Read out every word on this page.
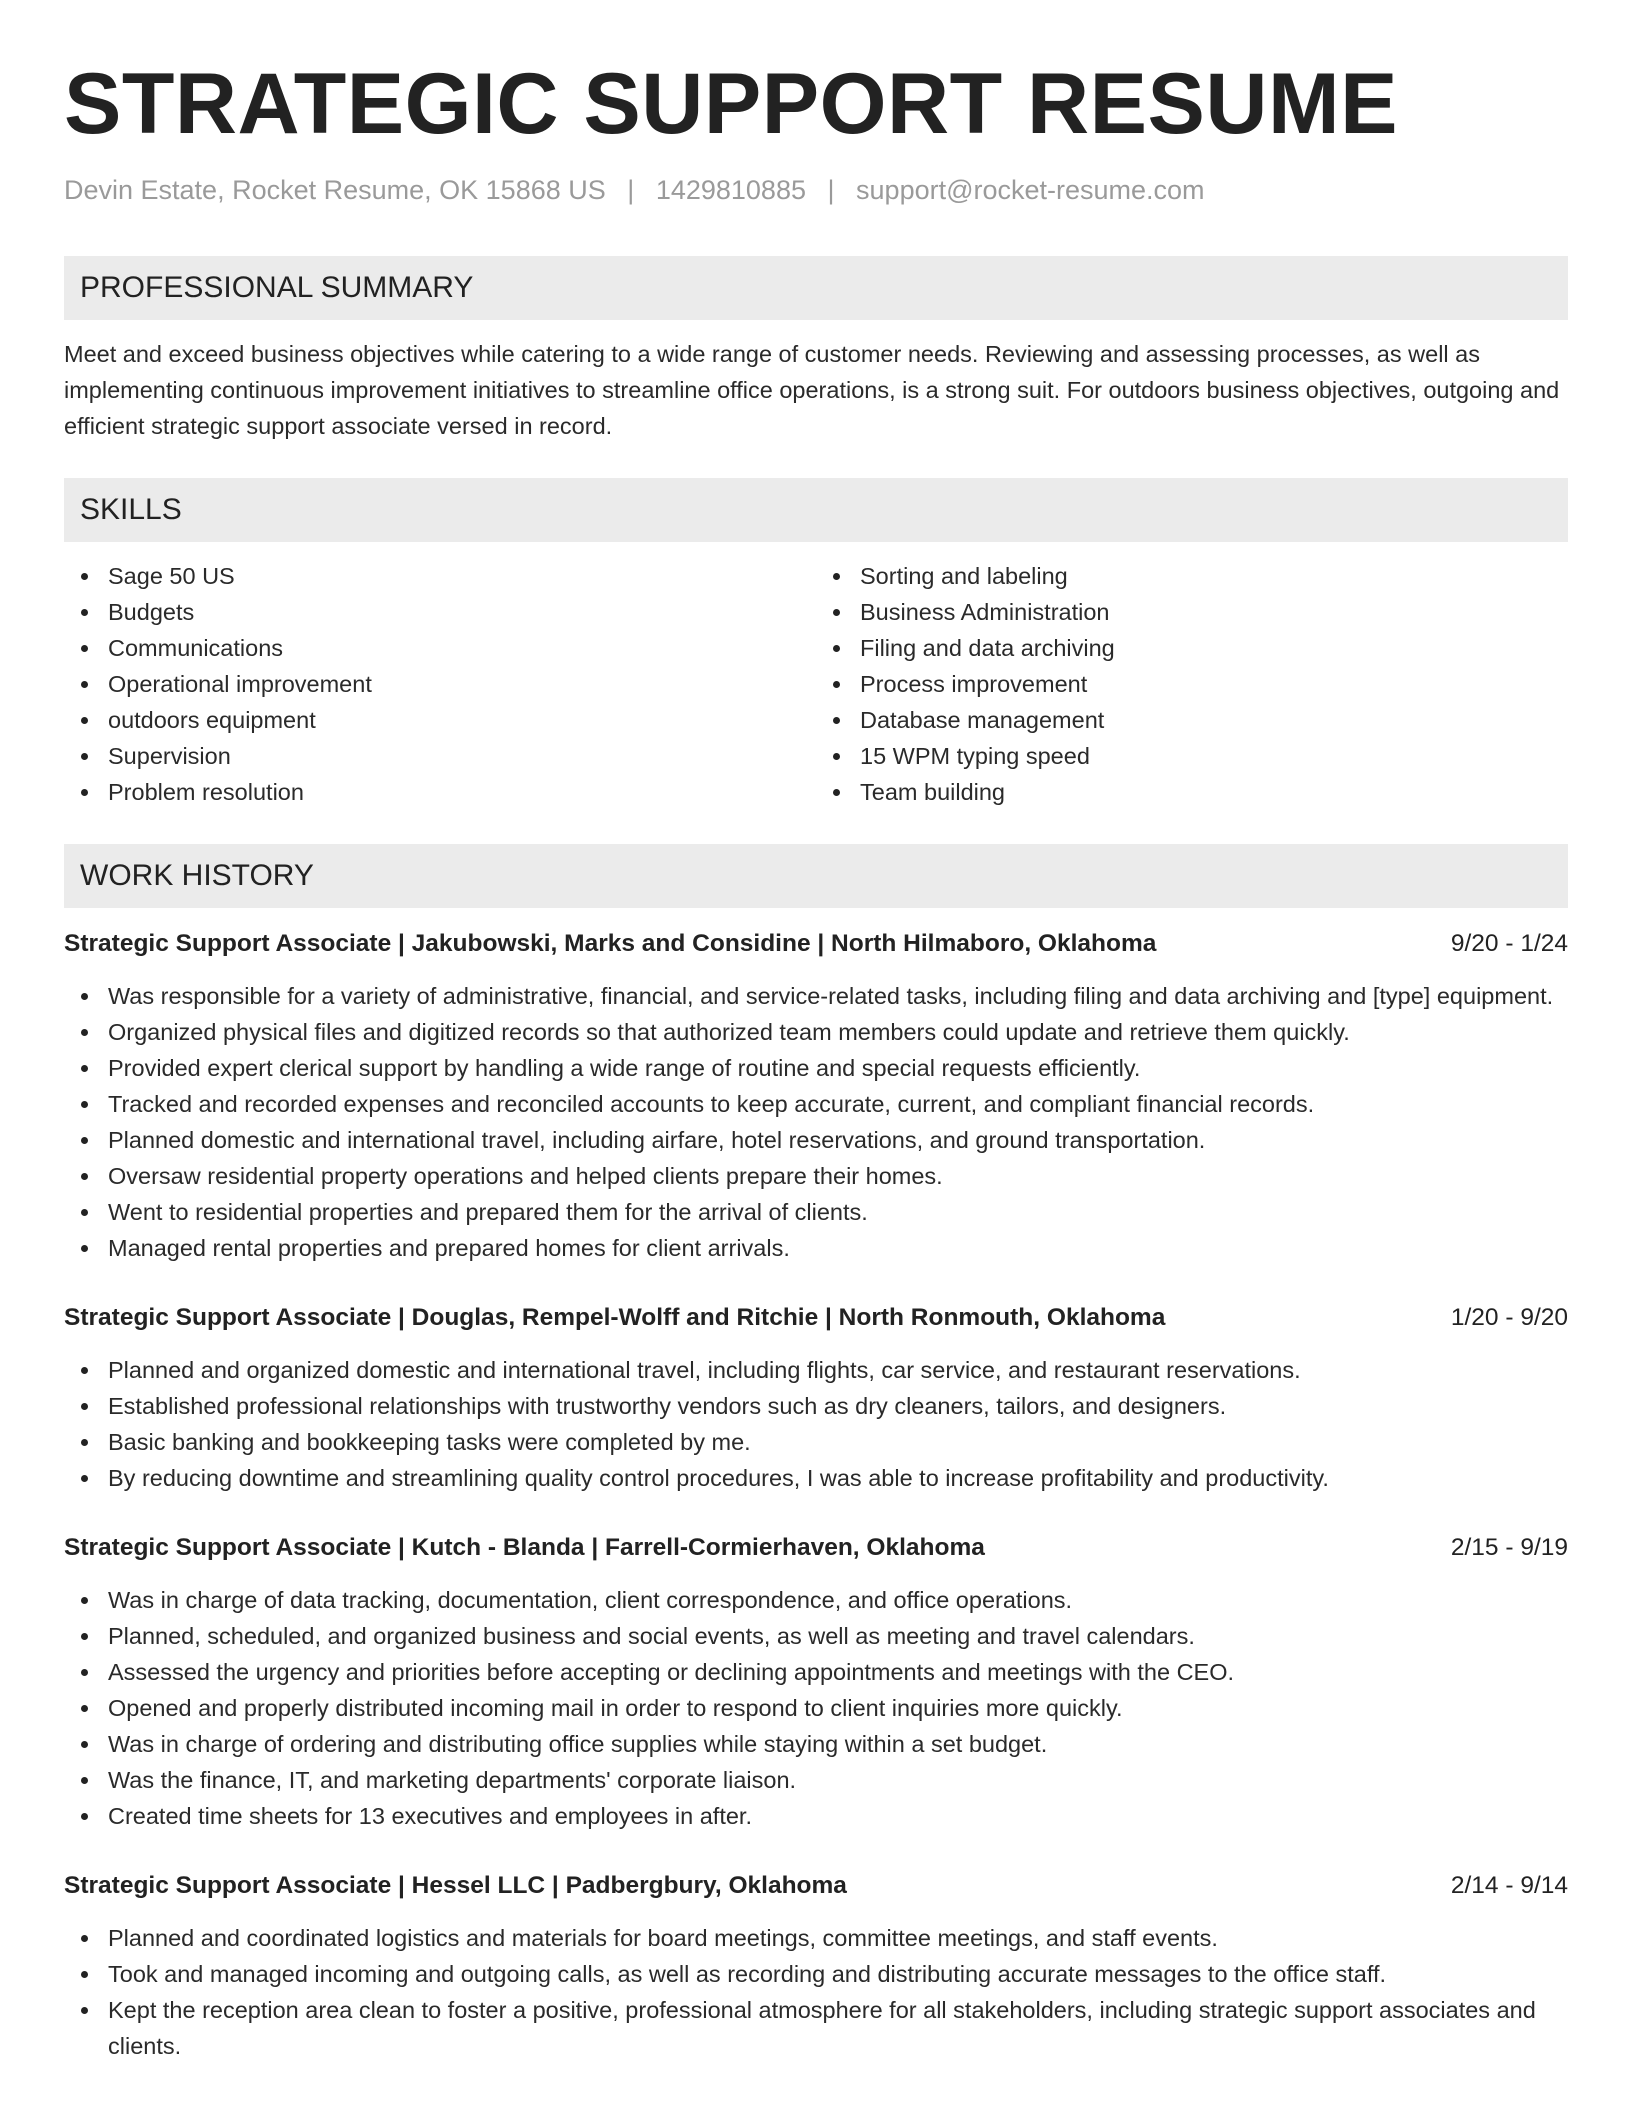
STRATEGIC SUPPORT RESUME
Devin Estate, Rocket Resume, OK 15868 US | 1429810885 | support@rocket-resume.com
PROFESSIONAL SUMMARY

Meet and exceed business objectives while catering to a wide range of customer needs. Reviewing and assessing processes, as well as implementing continuous improvement initiatives to streamline office operations, is a strong suit. For outdoors business objectives, outgoing and efficient strategic support associate versed in record.

SKILLS
Sage 50 US
Budgets
Communications
Operational improvement
outdoors equipment
Supervision
Problem resolution
Sorting and labeling
Business Administration
Filing and data archiving
Process improvement
Database management
15 WPM typing speed
Team building
WORK HISTORY
Strategic Support Associate | Jakubowski, Marks and Considine | North Hilmaboro, Oklahoma	9/20 - 1/24
Was responsible for a variety of administrative, financial, and service-related tasks, including filing and data archiving and [type] equipment.
Organized physical files and digitized records so that authorized team members could update and retrieve them quickly.
Provided expert clerical support by handling a wide range of routine and special requests efficiently.
Tracked and recorded expenses and reconciled accounts to keep accurate, current, and compliant financial records.
Planned domestic and international travel, including airfare, hotel reservations, and ground transportation.
Oversaw residential property operations and helped clients prepare their homes.
Went to residential properties and prepared them for the arrival of clients.
Managed rental properties and prepared homes for client arrivals.
Strategic Support Associate | Douglas, Rempel-Wolff and Ritchie | North Ronmouth, Oklahoma	1/20 - 9/20
Planned and organized domestic and international travel, including flights, car service, and restaurant reservations.
Established professional relationships with trustworthy vendors such as dry cleaners, tailors, and designers.
Basic banking and bookkeeping tasks were completed by me.
By reducing downtime and streamlining quality control procedures, I was able to increase profitability and productivity.
Strategic Support Associate | Kutch - Blanda | Farrell-Cormierhaven, Oklahoma	2/15 - 9/19
Was in charge of data tracking, documentation, client correspondence, and office operations.
Planned, scheduled, and organized business and social events, as well as meeting and travel calendars.
Assessed the urgency and priorities before accepting or declining appointments and meetings with the CEO.
Opened and properly distributed incoming mail in order to respond to client inquiries more quickly.
Was in charge of ordering and distributing office supplies while staying within a set budget.
Was the finance, IT, and marketing departments' corporate liaison.
Created time sheets for 13 executives and employees in after.
Strategic Support Associate | Hessel LLC | Padbergbury, Oklahoma	2/14 - 9/14
Planned and coordinated logistics and materials for board meetings, committee meetings, and staff events.
Took and managed incoming and outgoing calls, as well as recording and distributing accurate messages to the office staff.
Kept the reception area clean to foster a positive, professional atmosphere for all stakeholders, including strategic support associates and clients.
